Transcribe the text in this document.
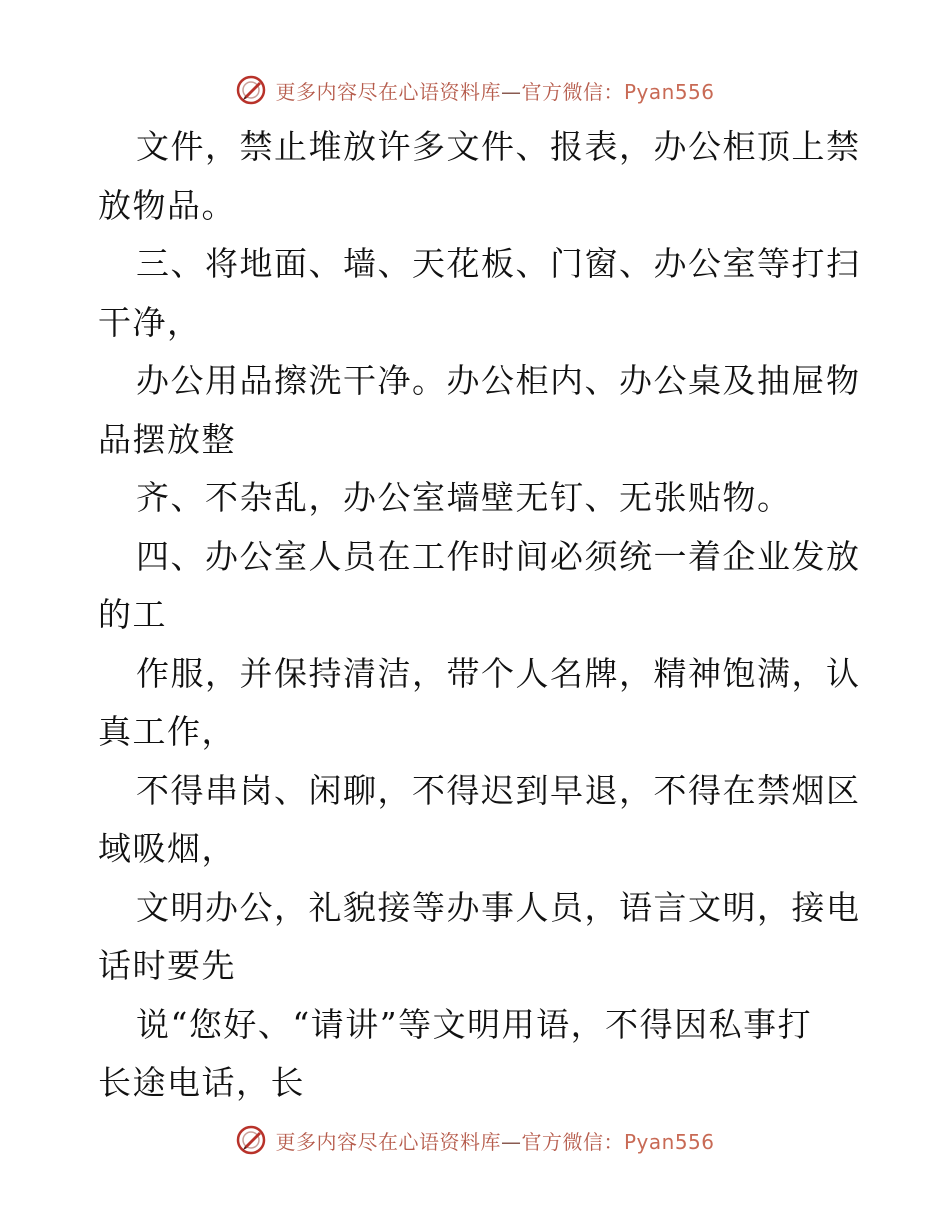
更多内容尽在心语资料库—官方微信：Pyan556
文件，禁止堆放许多文件、报表，办公柜顶上禁
放物品。
三、将地面、墙、天花板、门窗、办公室等打扫
干净，
办公用品擦洗干净。办公柜内、办公桌及抽屉物
品摆放整
齐、不杂乱，办公室墙壁无钉、无张贴物。
四、办公室人员在工作时间必须统一着企业发放
的工
作服，并保持清洁，带个人名牌，精神饱满，认
真工作，
不得串岗、闲聊，不得迟到早退，不得在禁烟区
域吸烟，
文明办公，礼貌接等办事人员，语言文明，接电
话时要先
说“您好、“请讲”等文明用语，不得因私事打
长途电话，长
更多内容尽在心语资料库—官方微信：Pyan556
